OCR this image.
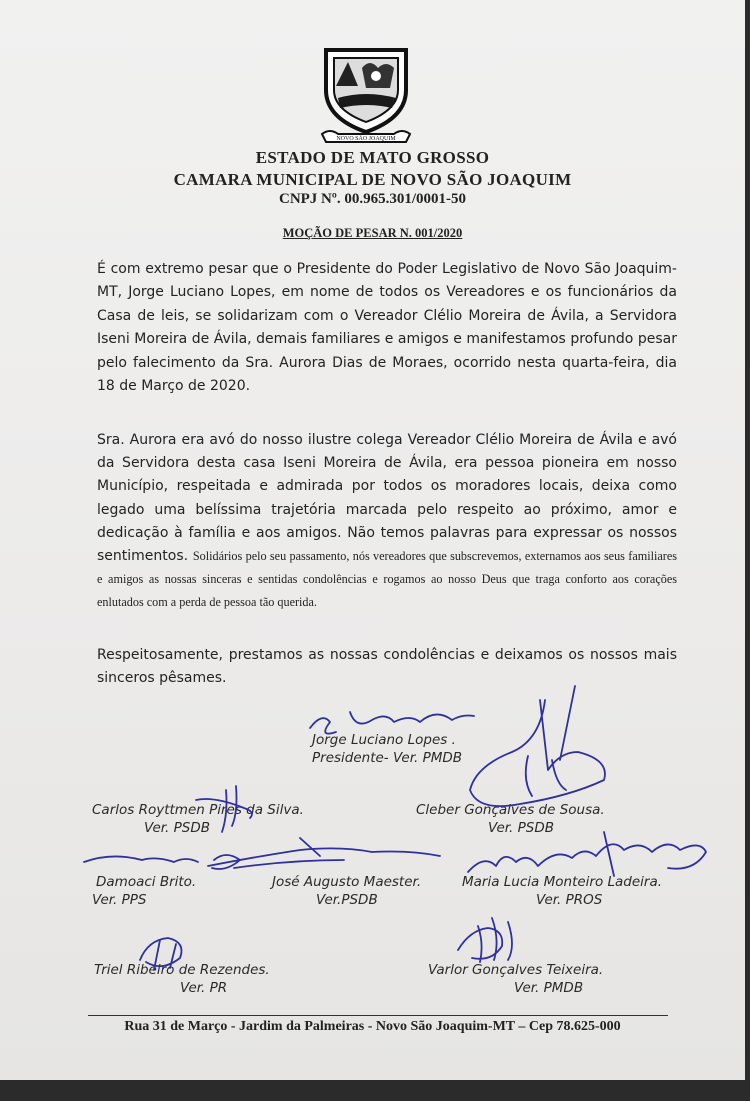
NOVO SÃO JOAQUIM
ESTADO DE MATO GROSSO
CAMARA MUNICIPAL DE NOVO SÃO JOAQUIM
CNPJ Nº. 00.965.301/0001-50
MOÇÃO DE PESAR N. 001/2020

É com extremo pesar que o Presidente do Poder Legislativo de Novo São Joaquim-MT, Jorge Luciano Lopes, em nome de todos os Vereadores e os funcionários da Casa de leis, se solidarizam com o Vereador Clélio Moreira de Ávila, a Servidora Iseni Moreira de Ávila, demais familiares e amigos e manifestamos profundo pesar pelo falecimento da Sra. Aurora Dias de Moraes, ocorrido nesta quarta-feira, dia 18 de Março de 2020.

Sra. Aurora era avó do nosso ilustre colega Vereador Clélio Moreira de Ávila e avó da Servidora desta casa Iseni Moreira de Ávila, era pessoa pioneira em nosso Município, respeitada e admirada por todos os moradores locais, deixa como legado uma belíssima trajetória marcada pelo respeito ao próximo, amor e dedicação à família e aos amigos. Não temos palavras para expressar os nossos sentimentos. Solidários pelo seu passamento, nós vereadores que subscrevemos, externamos aos seus familiares e amigos as nossas sinceras e sentidas condolências e rogamos ao nosso Deus que traga conforto aos corações enlutados com a perda de pessoa tão querida.

Respeitosamente, prestamos as nossas condolências e deixamos os nossos mais sinceros pêsames.

Jorge Luciano Lopes .
Presidente- Ver. PMDB
Carlos Royttmen Pires da Silva.
Ver. PSDB
Cleber Gonçalves de Sousa.
Ver. PSDB
Damoaci Brito.
Ver. PPS
José Augusto Maester.
Ver.PSDB
Maria Lucia Monteiro Ladeira.
Ver. PROS
Triel Ribeiro de Rezendes.
Ver. PR
Varlor Gonçalves Teixeira.
Ver. PMDB
Rua 31 de Março - Jardim da Palmeiras - Novo São Joaquim-MT – Cep 78.625-000
